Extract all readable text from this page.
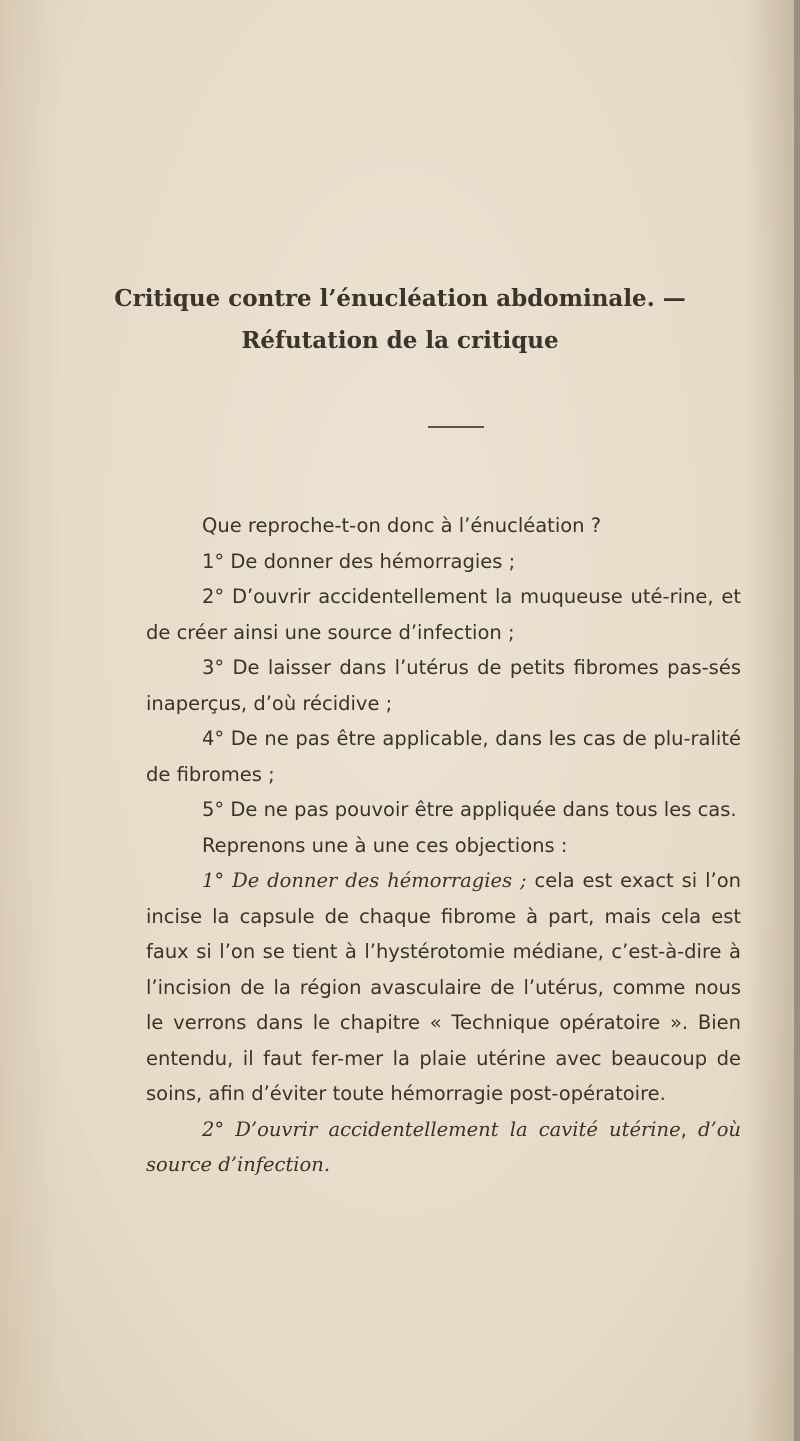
Critique contre l’énucléation abdominale. —
Réfutation de la critique

Que reproche-t-on donc à l’énucléation ?

1° De donner des hémorragies ;

2° D’ouvrir accidentellement la muqueuse uté-rine, et de créer ainsi une source d’infection ;

3° De laisser dans l’utérus de petits fibromes pas-sés inaperçus, d’où récidive ;

4° De ne pas être applicable, dans les cas de plu-ralité de fibromes ;

5° De ne pas pouvoir être appliquée dans tous les cas.

Reprenons une à une ces objections :

1° De donner des hémorragies ; cela est exact si l’on incise la capsule de chaque fibrome à part, mais cela est faux si l’on se tient à l’hystérotomie médiane, c’est-à-dire à l’incision de la région avasculaire de l’utérus, comme nous le verrons dans le chapitre « Technique opératoire ». Bien entendu, il faut fer-mer la plaie utérine avec beaucoup de soins, afin d’éviter toute hémorragie post-opératoire.

2° D’ouvrir accidentellement la cavité utérine, d’où source d’infection.
